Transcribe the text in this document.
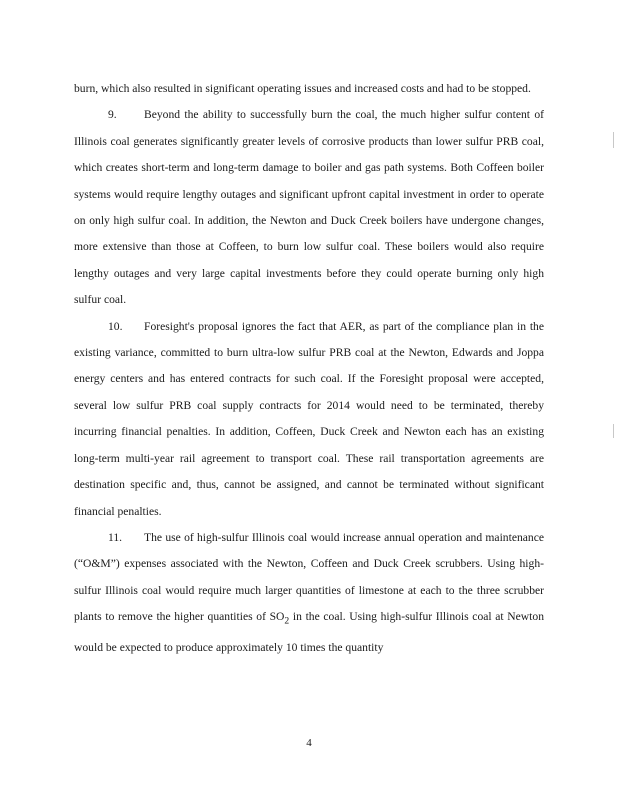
burn, which also resulted in significant operating issues and increased costs and had to be stopped.

9. Beyond the ability to successfully burn the coal, the much higher sulfur content of Illinois coal generates significantly greater levels of corrosive products than lower sulfur PRB coal, which creates short-term and long-term damage to boiler and gas path systems. Both Coffeen boiler systems would require lengthy outages and significant upfront capital investment in order to operate on only high sulfur coal. In addition, the Newton and Duck Creek boilers have undergone changes, more extensive than those at Coffeen, to burn low sulfur coal. These boilers would also require lengthy outages and very large capital investments before they could operate burning only high sulfur coal.

10. Foresight's proposal ignores the fact that AER, as part of the compliance plan in the existing variance, committed to burn ultra-low sulfur PRB coal at the Newton, Edwards and Joppa energy centers and has entered contracts for such coal. If the Foresight proposal were accepted, several low sulfur PRB coal supply contracts for 2014 would need to be terminated, thereby incurring financial penalties. In addition, Coffeen, Duck Creek and Newton each has an existing long-term multi-year rail agreement to transport coal. These rail transportation agreements are destination specific and, thus, cannot be assigned, and cannot be terminated without significant financial penalties.

11. The use of high-sulfur Illinois coal would increase annual operation and maintenance (“O&M”) expenses associated with the Newton, Coffeen and Duck Creek scrubbers. Using high-sulfur Illinois coal would require much larger quantities of limestone at each to the three scrubber plants to remove the higher quantities of $SO_2$ in the coal. Using high-sulfur Illinois coal at Newton would be expected to produce approximately 10 times the quantity

4
